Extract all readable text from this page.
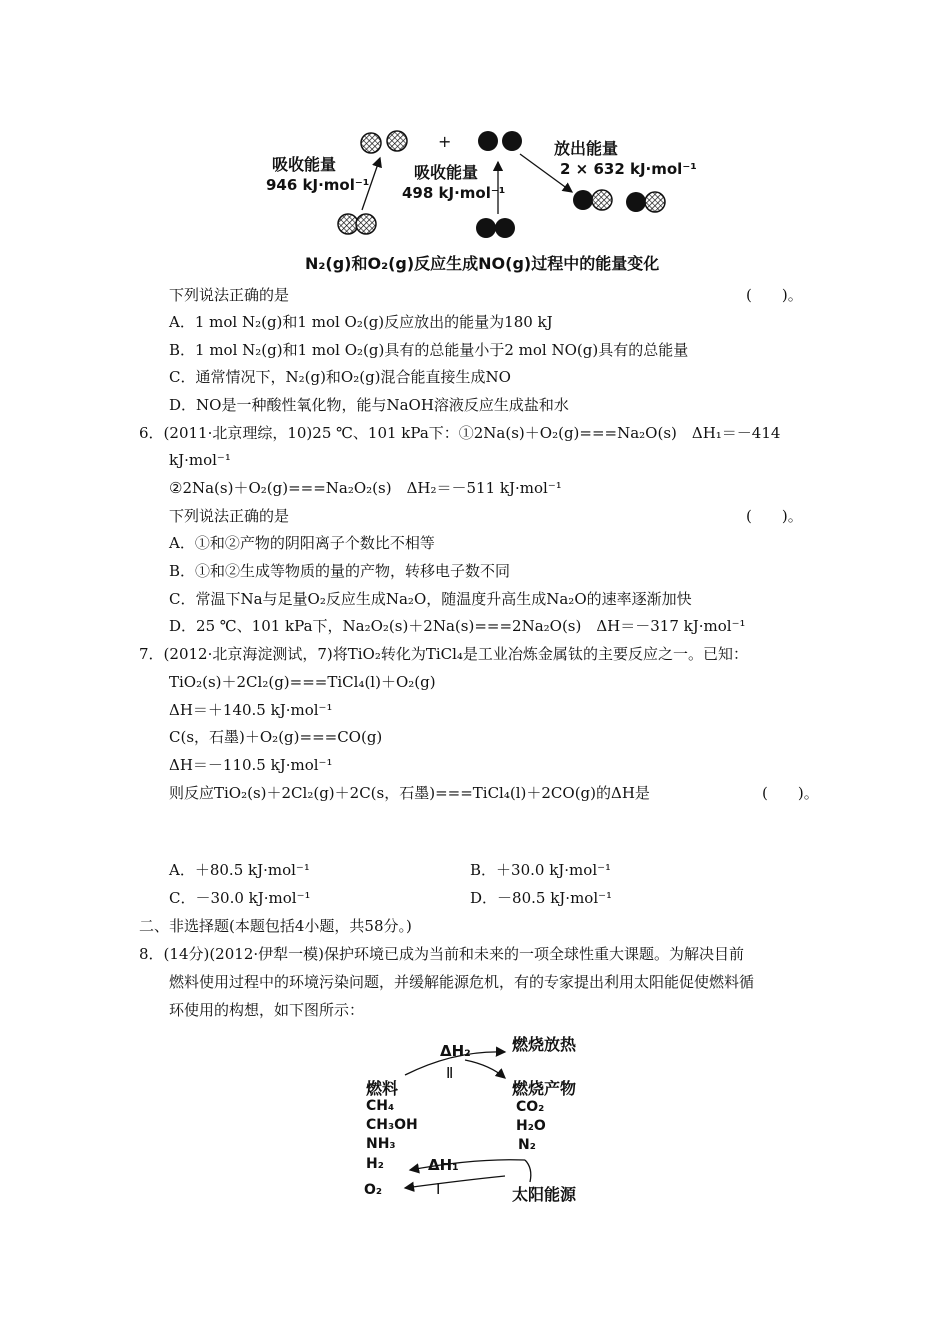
吸收能量
946 kJ·mol⁻¹
+
吸收能量
498 kJ·mol⁻¹
放出能量
2 × 632 kJ·mol⁻¹
N₂(g)和O₂(g)反应生成NO(g)过程中的能量变化
下列说法正确的是	(　　)。
A．1 mol N₂(g)和1 mol O₂(g)反应放出的能量为180 kJ
B．1 mol N₂(g)和1 mol O₂(g)具有的总能量小于2 mol NO(g)具有的总能量
C．通常情况下，N₂(g)和O₂(g)混合能直接生成NO
D．NO是一种酸性氧化物，能与NaOH溶液反应生成盐和水
6．(2011·北京理综，10)25 ℃、101 kPa下：①2Na(s)＋O₂(g)===Na₂O(s)　ΔH₁＝－414
kJ·mol⁻¹
②2Na(s)＋O₂(g)===Na₂O₂(s)　ΔH₂＝－511 kJ·mol⁻¹
下列说法正确的是	(　　)。
A．①和②产物的阴阳离子个数比不相等
B．①和②生成等物质的量的产物，转移电子数不同
C．常温下Na与足量O₂反应生成Na₂O，随温度升高生成Na₂O的速率逐渐加快
D．25 ℃、101 kPa下，Na₂O₂(s)＋2Na(s)===2Na₂O(s)　ΔH＝－317 kJ·mol⁻¹
7．(2012·北京海淀测试，7)将TiO₂转化为TiCl₄是工业冶炼金属钛的主要反应之一。已知：
TiO₂(s)＋2Cl₂(g)===TiCl₄(l)＋O₂(g)
ΔH＝＋140.5 kJ·mol⁻¹
C(s，石墨)＋O₂(g)===CO(g)
ΔH＝－110.5 kJ·mol⁻¹
则反应TiO₂(s)＋2Cl₂(g)＋2C(s，石墨)===TiCl₄(l)＋2CO(g)的ΔH是	(　　)。
A．＋80.5 kJ·mol⁻¹	B．＋30.0 kJ·mol⁻¹
C．－30.0 kJ·mol⁻¹	D．－80.5 kJ·mol⁻¹
二、非选择题(本题包括4小题，共58分。)
8．(14分)(2012·伊犁一模)保护环境已成为当前和未来的一项全球性重大课题。为解决目前
燃料使用过程中的环境污染问题，并缓解能源危机，有的专家提出利用太阳能促使燃料循
环使用的构想，如下图所示：
ΔH₂
Ⅱ
燃烧放热
燃料
CH₄
CH₃OH
NH₃
H₂
O₂
燃烧产物
CO₂
H₂O
N₂
ΔH₁
Ⅰ	太阳能源
